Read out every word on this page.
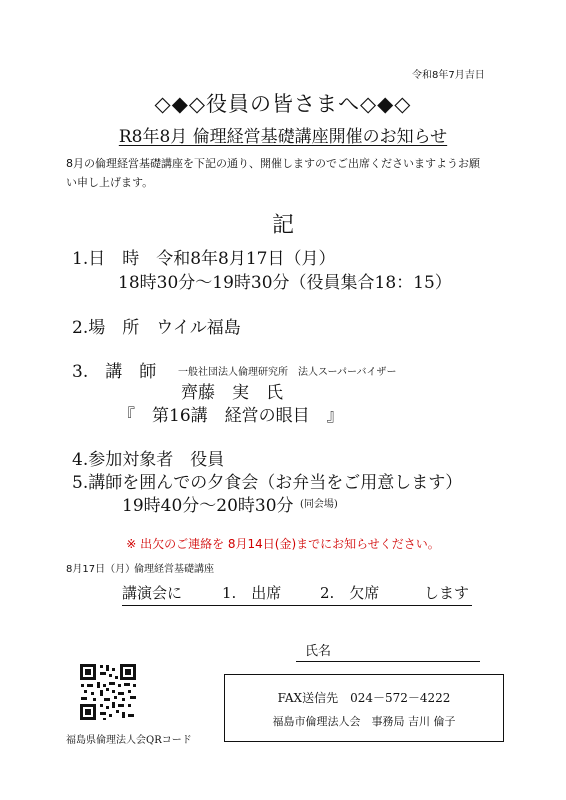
令和8年7月吉日
◇◆◇役員の皆さまへ◇◆◇
R8年8月 倫理経営基礎講座開催のお知らせ
8月の倫理経営基礎講座を下記の通り、開催しますのでご出席くださいますようお願い申し上げます。
記
1.日　時　令和8年8月17日（月）
18時30分～19時30分（役員集合18：15）
2.場　所　ウイル福島
3.　講　師 一般社団法人倫理研究所　法人スーパーバイザー
齊藤　実　氏
『　第16講　経営の眼目　』
4.参加対象者　役員
5.講師を囲んでの夕食会（お弁当をご用意します）
19時40分～20時30分 (同会場)
※ 出欠のご連絡を 8月14日(金)までにお知らせください。
8月17日（月）
倫理経営基礎講座
講演会に	1.　出席	2.　欠席	します
氏名
FAX送信先　024－572－4222
福島市倫理法人会　事務局 吉川 倫子
福島県倫理法人会QRコード
